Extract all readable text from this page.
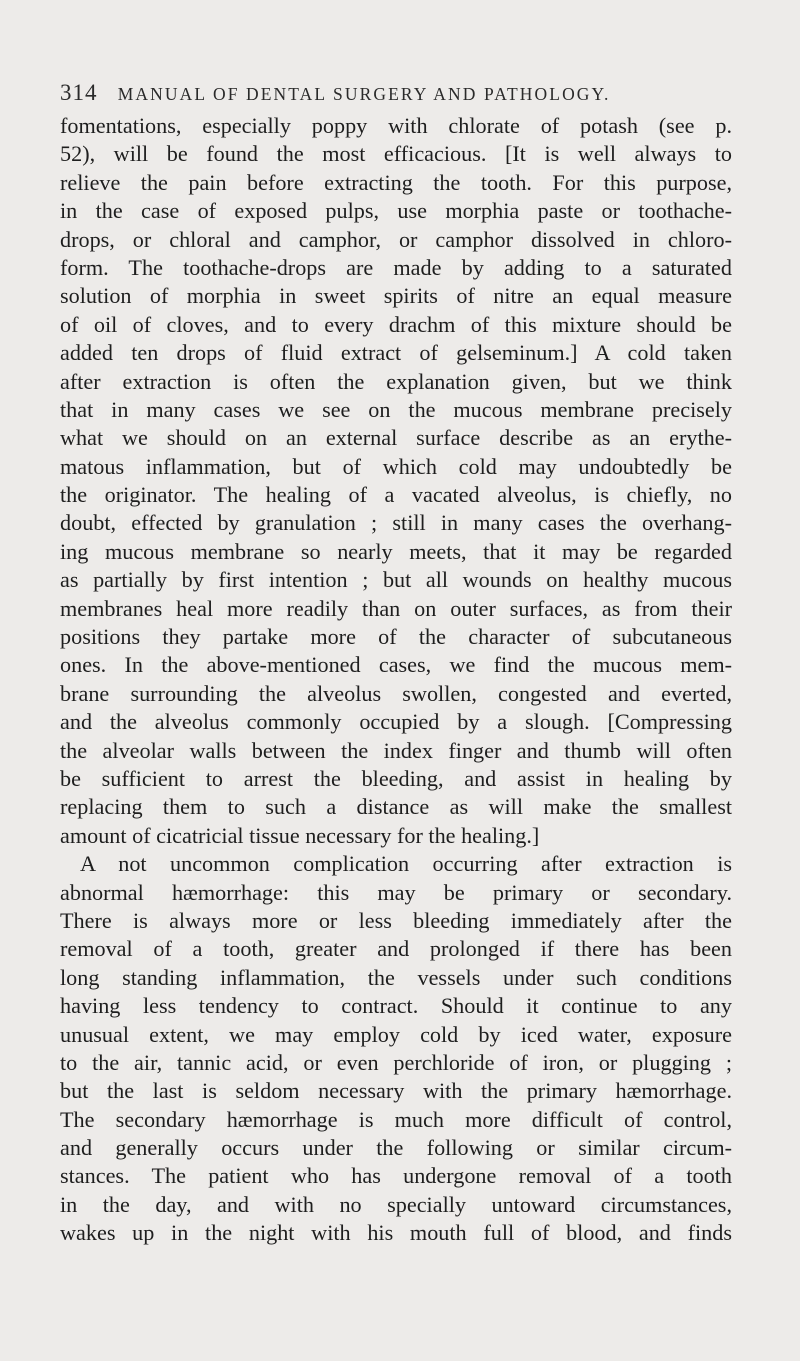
314 MANUAL OF DENTAL SURGERY AND PATHOLOGY.
fomentations, especially poppy with chlorate of potash (see p.
52), will be found the most efficacious. [It is well always to
relieve the pain before extracting the tooth. For this purpose,
in the case of exposed pulps, use morphia paste or toothache-
drops, or chloral and camphor, or camphor dissolved in chloro-
form. The toothache-drops are made by adding to a saturated
solution of morphia in sweet spirits of nitre an equal measure
of oil of cloves, and to every drachm of this mixture should be
added ten drops of fluid extract of gelseminum.] A cold taken
after extraction is often the explanation given, but we think
that in many cases we see on the mucous membrane precisely
what we should on an external surface describe as an erythe-
matous inflammation, but of which cold may undoubtedly be
the originator. The healing of a vacated alveolus, is chiefly, no
doubt, effected by granulation ; still in many cases the overhang-
ing mucous membrane so nearly meets, that it may be regarded
as partially by first intention ; but all wounds on healthy mucous
membranes heal more readily than on outer surfaces, as from their
positions they partake more of the character of subcutaneous
ones. In the above-mentioned cases, we find the mucous mem-
brane surrounding the alveolus swollen, congested and everted,
and the alveolus commonly occupied by a slough. [Compressing
the alveolar walls between the index finger and thumb will often
be sufficient to arrest the bleeding, and assist in healing by
replacing them to such a distance as will make the smallest
amount of cicatricial tissue necessary for the healing.]
A not uncommon complication occurring after extraction is
abnormal hæmorrhage: this may be primary or secondary.
There is always more or less bleeding immediately after the
removal of a tooth, greater and prolonged if there has been
long standing inflammation, the vessels under such conditions
having less tendency to contract. Should it continue to any
unusual extent, we may employ cold by iced water, exposure
to the air, tannic acid, or even perchloride of iron, or plugging ;
but the last is seldom necessary with the primary hæmorrhage.
The secondary hæmorrhage is much more difficult of control,
and generally occurs under the following or similar circum-
stances. The patient who has undergone removal of a tooth
in the day, and with no specially untoward circumstances,
wakes up in the night with his mouth full of blood, and finds
